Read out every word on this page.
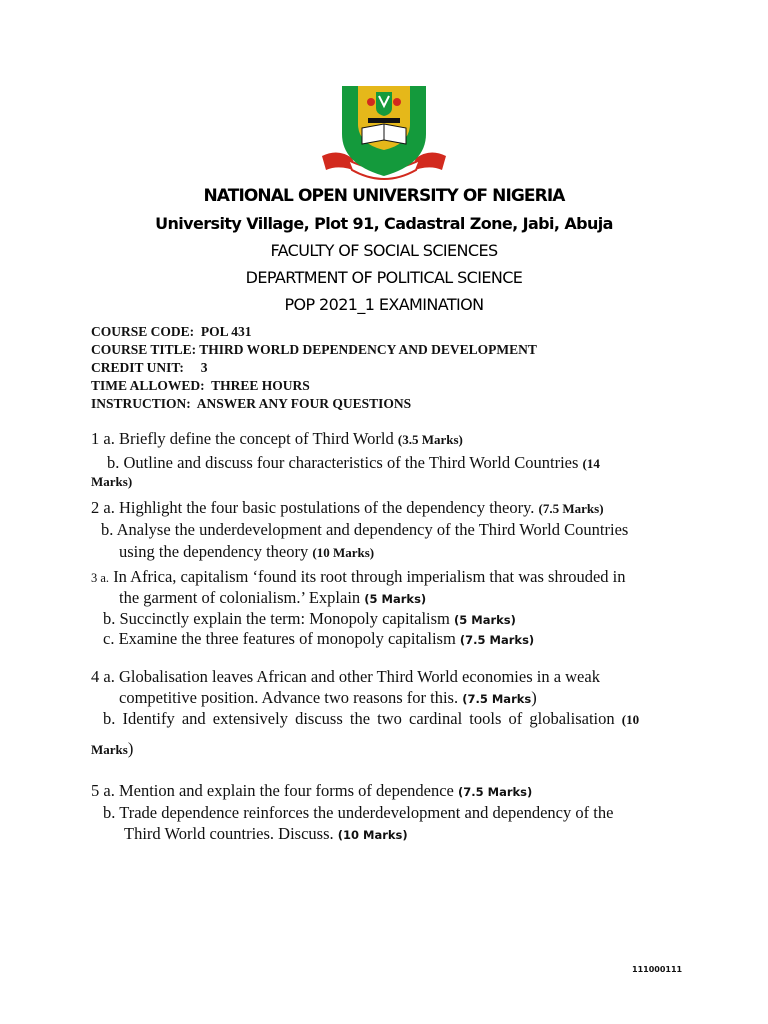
NATIONAL OPEN UNIVERSITY OF NIGERIA
University Village, Plot 91, Cadastral Zone, Jabi, Abuja
FACULTY OF SOCIAL SCIENCES
DEPARTMENT OF POLITICAL SCIENCE
POP 2021_1 EXAMINATION
COURSE CODE:  POL 431
COURSE TITLE: THIRD WORLD DEPENDENCY AND DEVELOPMENT
CREDIT UNIT:     3
TIME ALLOWED:  THREE HOURS
INSTRUCTION:  ANSWER ANY FOUR QUESTIONS
1 a. Briefly define the concept of Third World (3.5 Marks)
b. Outline and discuss four characteristics of the Third World Countries (14
Marks)
2 a. Highlight the four basic postulations of the dependency theory. (7.5 Marks)
b. Analyse the underdevelopment and dependency of the Third World Countries
using the dependency theory (10 Marks)
3 a. In Africa, capitalism ‘found its root through imperialism that was shrouded in
the garment of colonialism.’ Explain (5 Marks)
b. Succinctly explain the term: Monopoly capitalism (5 Marks)
c. Examine the three features of monopoly capitalism (7.5 Marks)
4 a. Globalisation leaves African and other Third World economies in a weak
competitive position. Advance two reasons for this. (7.5 Marks)
b. Identify and extensively discuss the two cardinal tools of globalisation (10
Marks)
5 a. Mention and explain the four forms of dependence (7.5 Marks)
b. Trade dependence reinforces the underdevelopment and dependency of the
Third World countries. Discuss. (10 Marks)
111000111
